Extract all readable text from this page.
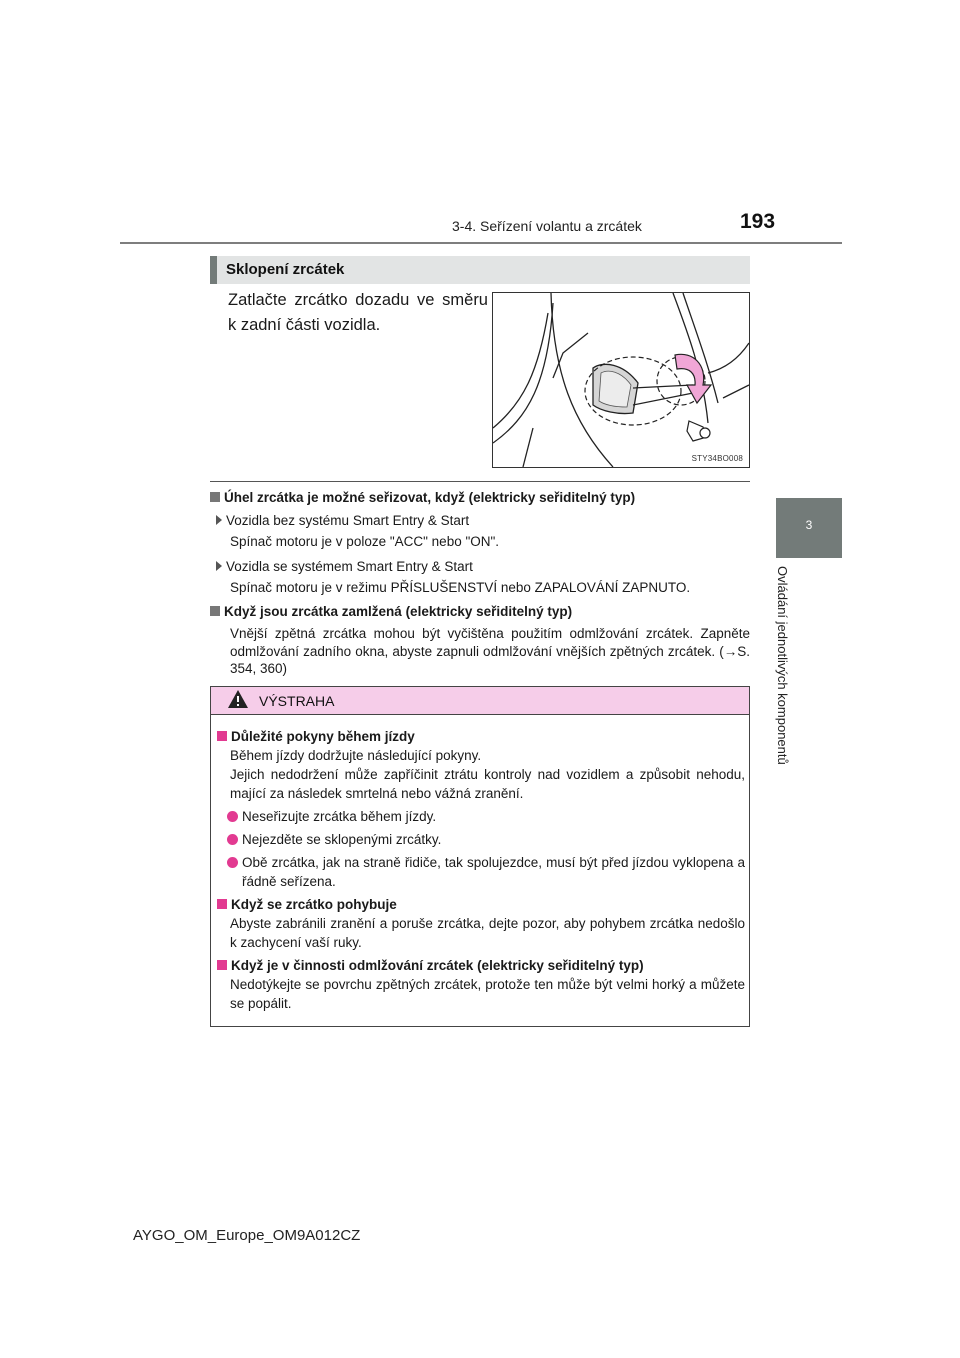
3-4. Seřízení volantu a zrcátek	193
3
Ovládání jednotlivých komponentů
Sklopení zrcátek
Zatlačte zrcátko dozadu ve směru k zadní části vozidla.
STY34BO008
Úhel zrcátka je možné seřizovat, když (elektricky seřiditelný typ)
Vozidla bez systému Smart Entry & Start
Spínač motoru je v poloze "ACC" nebo "ON".
Vozidla se systémem Smart Entry & Start
Spínač motoru je v režimu PŘÍSLUŠENSTVÍ nebo ZAPALOVÁNÍ ZAPNUTO.
Když jsou zrcátka zamlžená (elektricky seřiditelný typ)
Vnější zpětná zrcátka mohou být vyčištěna použitím odmlžování zrcátek. Zapněte odmlžování zadního okna, abyste zapnuli odmlžování vnějších zpětných zrcátek. (→S. 354, 360)
VÝSTRAHA
Důležité pokyny během jízdy
Během jízdy dodržujte následující pokyny.
Jejich nedodržení může zapříčinit ztrátu kontroly nad vozidlem a způsobit nehodu, mající za následek smrtelná nebo vážná zranění.
Neseřizujte zrcátka během jízdy.
Nejezděte se sklopenými zrcátky.
Obě zrcátka, jak na straně řidiče, tak spolujezdce, musí být před jízdou vyklopena a řádně seřízena.
Když se zrcátko pohybuje
Abyste zabránili zranění a poruše zrcátka, dejte pozor, aby pohybem zrcátka nedošlo k zachycení vaší ruky.
Když je v činnosti odmlžování zrcátek (elektricky seřiditelný typ)
Nedotýkejte se povrchu zpětných zrcátek, protože ten může být velmi horký a můžete se popálit.
AYGO_OM_Europe_OM9A012CZ
